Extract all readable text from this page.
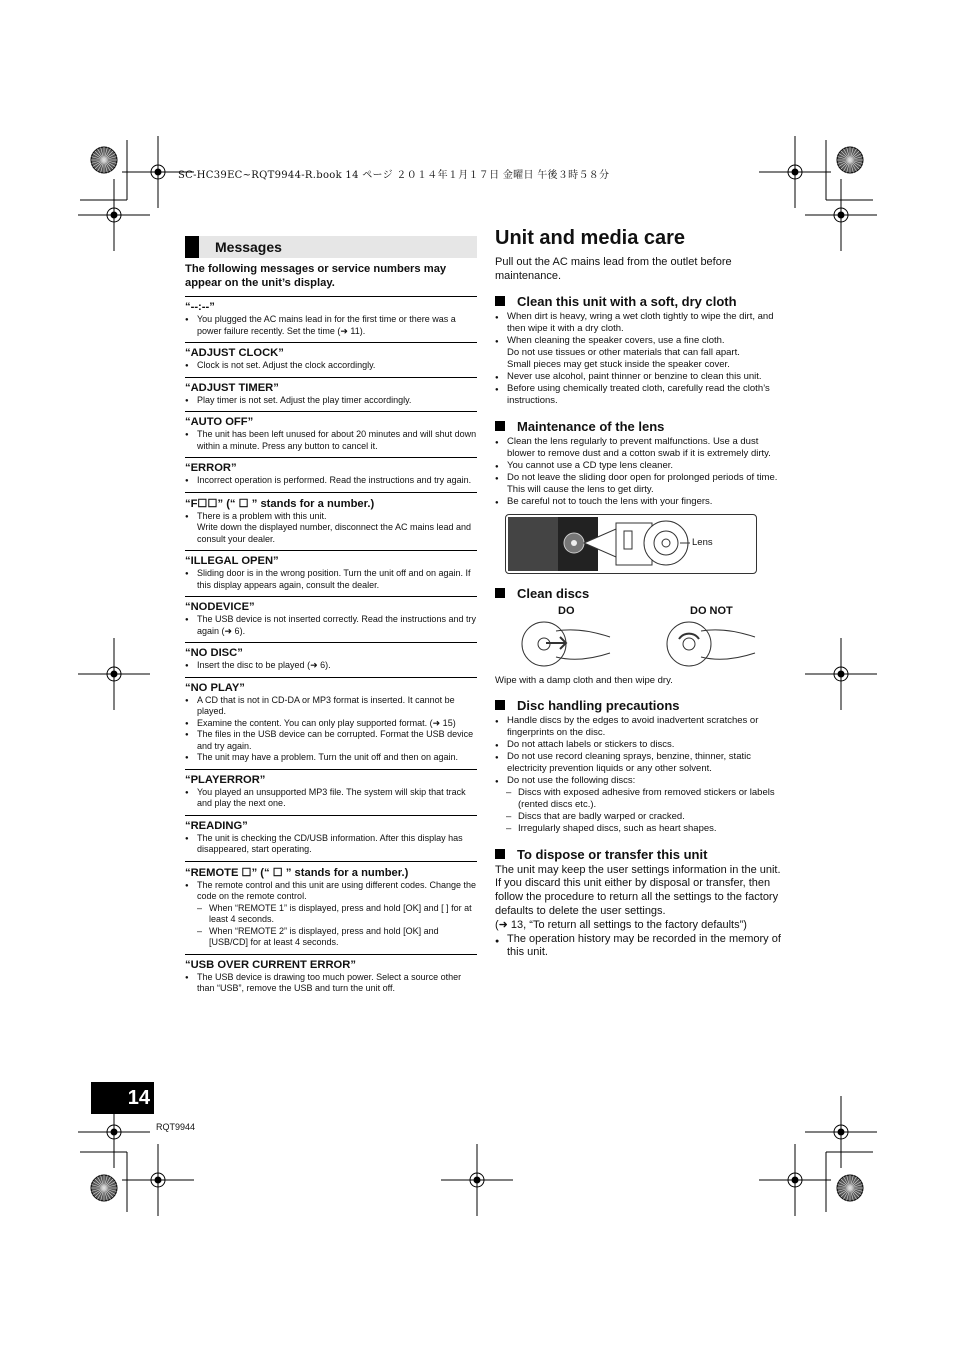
SC-HC39EC~RQT9944-R.book 14 ページ ２０１４年１月１７日 金曜日 午後３時５８分
Messages
The following messages or service numbers may appear on the unit’s display.
“--:--”
● You plugged the AC mains lead in for the first time or there was a power failure recently. Set the time (➜ 11).
“ADJUST CLOCK”
● Clock is not set. Adjust the clock accordingly.
“ADJUST TIMER”
● Play timer is not set. Adjust the play timer accordingly.
“AUTO OFF”
● The unit has been left unused for about 20 minutes and will shut down within a minute. Press any button to cancel it.
“ERROR”
● Incorrect operation is performed. Read the instructions and try again.
“F☐☐” (“ ☐ ” stands for a number.)
● There is a problem with this unit.
Write down the displayed number, disconnect the AC mains lead and consult your dealer.
“ILLEGAL OPEN”
● Sliding door is in the wrong position. Turn the unit off and on again. If this display appears again, consult the dealer.
“NODEVICE”
● The USB device is not inserted correctly. Read the instructions and try again (➜ 6).
“NO DISC”
● Insert the disc to be played (➜ 6).
“NO PLAY”
● A CD that is not in CD-DA or MP3 format is inserted. It cannot be played.
● Examine the content. You can only play supported format. (➜ 15)
● The files in the USB device can be corrupted. Format the USB device and try again.
● The unit may have a problem. Turn the unit off and then on again.
“PLAYERROR”
● You played an unsupported MP3 file. The system will skip that track and play the next one.
“READING”
● The unit is checking the CD/USB information. After this display has disappeared, start operating.
“REMOTE ☐” (“ ☐ ” stands for a number.)
● The remote control and this unit are using different codes. Change the code on the remote control.
– When “REMOTE 1” is displayed, press and hold [OK] and [ ] for at least 4 seconds.
– When “REMOTE 2” is displayed, press and hold [OK] and [USB/CD] for at least 4 seconds.
“USB OVER CURRENT ERROR”
● The USB device is drawing too much power. Select a source other than “USB”, remove the USB and turn the unit off.
Unit and media care
Pull out the AC mains lead from the outlet before maintenance.
Clean this unit with a soft, dry cloth
● When dirt is heavy, wring a wet cloth tightly to wipe the dirt, and then wipe it with a dry cloth.
● When cleaning the speaker covers, use a fine cloth.
Do not use tissues or other materials that can fall apart.
Small pieces may get stuck inside the speaker cover.
● Never use alcohol, paint thinner or benzine to clean this unit.
● Before using chemically treated cloth, carefully read the cloth’s instructions.
Maintenance of the lens
● Clean the lens regularly to prevent malfunctions. Use a dust blower to remove dust and a cotton swab if it is extremely dirty.
● You cannot use a CD type lens cleaner.
● Do not leave the sliding door open for prolonged periods of time. This will cause the lens to get dirty.
● Be careful not to touch the lens with your fingers.
Lens
Clean discs
DO	DO NOT
Wipe with a damp cloth and then wipe dry.
Disc handling precautions
● Handle discs by the edges to avoid inadvertent scratches or fingerprints on the disc.
● Do not attach labels or stickers to discs.
● Do not use record cleaning sprays, benzine, thinner, static electricity prevention liquids or any other solvent.
● Do not use the following discs:
– Discs with exposed adhesive from removed stickers or labels (rented discs etc.).
– Discs that are badly warped or cracked.
– Irregularly shaped discs, such as heart shapes.
To dispose or transfer this unit
The unit may keep the user settings information in the unit. If you discard this unit either by disposal or transfer, then follow the procedure to return all the settings to the factory defaults to delete the user settings.
(➜ 13, “To return all settings to the factory defaults”)
● The operation history may be recorded in the memory of this unit.
14
RQT9944
